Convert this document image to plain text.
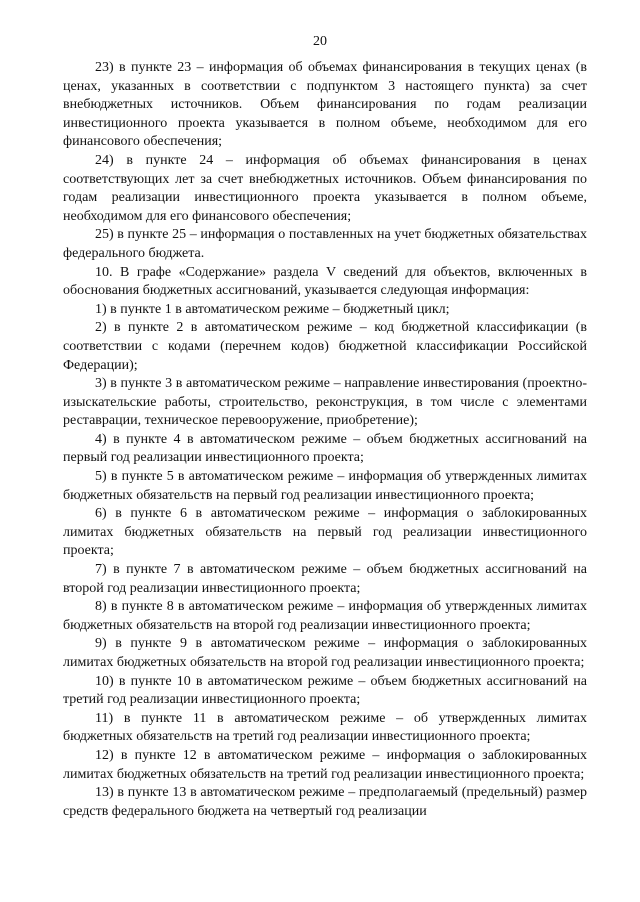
20

23) в пункте 23 – информация об объемах финансирования в текущих ценах (в ценах, указанных в соответствии с подпунктом 3 настоящего пункта) за счет внебюджетных источников. Объем финансирования по годам реализации инвестиционного проекта указывается в полном объеме, необходимом для его финансового обеспечения;

24) в пункте 24 – информация об объемах финансирования в ценах соответствующих лет за счет внебюджетных источников. Объем финансирования по годам реализации инвестиционного проекта указывается в полном объеме, необходимом для его финансового обеспечения;

25) в пункте 25 – информация о поставленных на учет бюджетных обязательствах федерального бюджета.

10. В графе «Содержание» раздела V сведений для объектов, включенных в обоснования бюджетных ассигнований, указывается следующая информация:

1) в пункте 1 в автоматическом режиме – бюджетный цикл;

2) в пункте 2 в автоматическом режиме – код бюджетной классификации (в соответствии с кодами (перечнем кодов) бюджетной классификации Российской Федерации);

3) в пункте 3 в автоматическом режиме – направление инвестирования (проектно-изыскательские работы, строительство, реконструкция, в том числе с элементами реставрации, техническое перевооружение, приобретение);

4) в пункте 4 в автоматическом режиме – объем бюджетных ассигнований на первый год реализации инвестиционного проекта;

5) в пункте 5 в автоматическом режиме – информация об утвержденных лимитах бюджетных обязательств на первый год реализации инвестиционного проекта;

6) в пункте 6 в автоматическом режиме – информация о заблокированных лимитах бюджетных обязательств на первый год реализации инвестиционного проекта;

7) в пункте 7 в автоматическом режиме – объем бюджетных ассигнований на второй год реализации инвестиционного проекта;

8) в пункте 8 в автоматическом режиме – информация об утвержденных лимитах бюджетных обязательств на второй год реализации инвестиционного проекта;

9) в пункте 9 в автоматическом режиме – информация о заблокированных лимитах бюджетных обязательств на второй год реализации инвестиционного проекта;

10) в пункте 10 в автоматическом режиме – объем бюджетных ассигнований на третий год реализации инвестиционного проекта;

11) в пункте 11 в автоматическом режиме – об утвержденных лимитах бюджетных обязательств на третий год реализации инвестиционного проекта;

12) в пункте 12 в автоматическом режиме – информация о заблокированных лимитах бюджетных обязательств на третий год реализации инвестиционного проекта;

13) в пункте 13 в автоматическом режиме – предполагаемый (предельный) размер средств федерального бюджета на четвертый год реализации
